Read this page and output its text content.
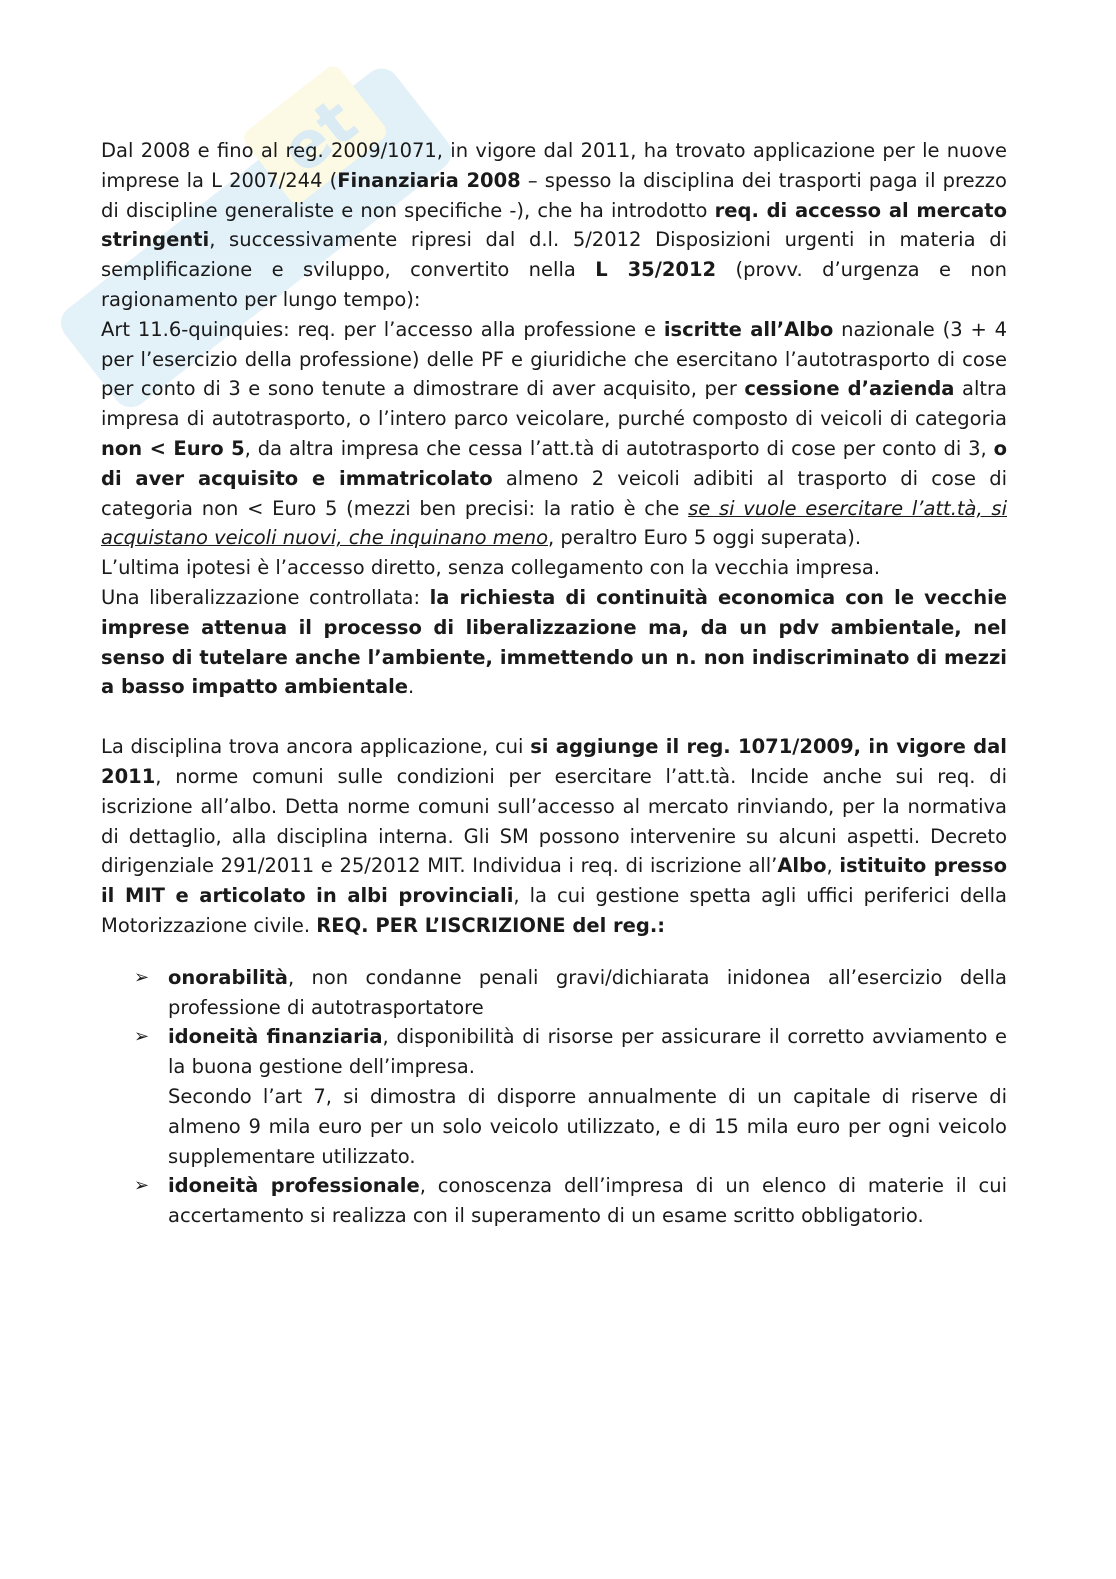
et

Dal 2008 e fino al reg. 2009/1071, in vigore dal 2011, ha trovato applicazione per le nuove imprese la L 2007/244 (Finanziaria 2008 – spesso la disciplina dei trasporti paga il prezzo di discipline generaliste e non specifiche -), che ha introdotto req. di accesso al mercato stringenti, successivamente ripresi dal d.l. 5/2012 Disposizioni urgenti in materia di semplificazione e sviluppo, convertito nella L 35/2012 (provv. d’urgenza e non ragionamento per lungo tempo):

Art 11.6-quinquies: req. per l’accesso alla professione e iscritte all’Albo nazionale (3 + 4 per l’esercizio della professione) delle PF e giuridiche che esercitano l’autotrasporto di cose per conto di 3 e sono tenute a dimostrare di aver acquisito, per cessione d’azienda altra impresa di autotrasporto, o l’intero parco veicolare, purché composto di veicoli di categoria non < Euro 5, da altra impresa che cessa l’att.tà di autotrasporto di cose per conto di 3, o di aver acquisito e immatricolato almeno 2 veicoli adibiti al trasporto di cose di categoria non < Euro 5 (mezzi ben precisi: la ratio è che se si vuole esercitare l’att.tà, si acquistano veicoli nuovi, che inquinano meno, peraltro Euro 5 oggi superata).

L’ultima ipotesi è l’accesso diretto, senza collegamento con la vecchia impresa.

Una liberalizzazione controllata: la richiesta di continuità economica con le vecchie imprese attenua il processo di liberalizzazione ma, da un pdv ambientale, nel senso di tutelare anche l’ambiente, immettendo un n. non indiscriminato di mezzi a basso impatto ambientale.

La disciplina trova ancora applicazione, cui si aggiunge il reg. 1071/2009, in vigore dal 2011, norme comuni sulle condizioni per esercitare l’att.tà. Incide anche sui req. di iscrizione all’albo. Detta norme comuni sull’accesso al mercato rinviando, per la normativa di dettaglio, alla disciplina interna. Gli SM possono intervenire su alcuni aspetti. Decreto dirigenziale 291/2011 e 25/2012 MIT. Individua i req. di iscrizione all’Albo, istituito presso il MIT e articolato in albi provinciali, la cui gestione spetta agli uffici periferici della Motorizzazione civile. REQ. PER L’ISCRIZIONE del reg.:

➢ onorabilità, non condanne penali gravi/dichiarata inidonea all’esercizio della professione di autotrasportatore
➢ idoneità finanziaria, disponibilità di risorse per assicurare il corretto avviamento e la buona gestione dell’impresa.

Secondo l’art 7, si dimostra di disporre annualmente di un capitale di riserve di almeno 9 mila euro per un solo veicolo utilizzato, e di 15 mila euro per ogni veicolo supplementare utilizzato.

➢ idoneità professionale, conoscenza dell’impresa di un elenco di materie il cui accertamento si realizza con il superamento di un esame scritto obbligatorio.
